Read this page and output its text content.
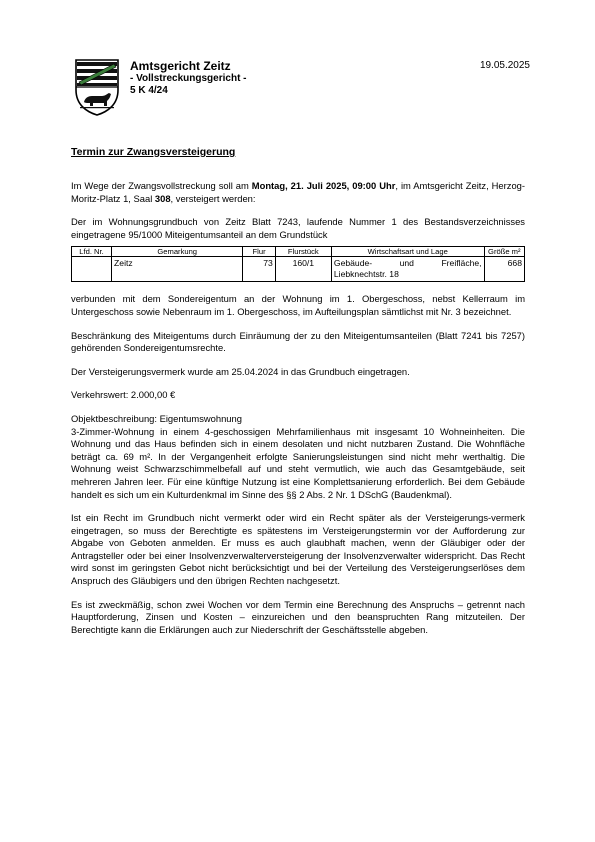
Amtsgericht Zeitz
- Vollstreckungsgericht -
5 K 4/24
19.05.2025
Termin zur Zwangsversteigerung

Im Wege der Zwangsvollstreckung soll am Montag, 21. Juli 2025, 09:00 Uhr, im Amtsgericht Zeitz, Herzog-Moritz-Platz 1, Saal 308, versteigert werden:

Der im Wohnungsgrundbuch von Zeitz Blatt 7243, laufende Nummer 1 des Bestandsverzeichnisses eingetragene 95/1000 Miteigentumsanteil an dem Grundstück

Lfd. Nr.	Gemarkung	Flur	Flurstück	Wirtschaftsart und Lage	Größe m²
	Zeitz	73	160/1	Gebäude- und Freifläche,
Liebknechtstr. 18	668

verbunden mit dem Sondereigentum an der Wohnung im 1. Obergeschoss, nebst Kellerraum im Untergeschoss sowie Nebenraum im 1. Obergeschoss, im Aufteilungsplan sämtlichst mit Nr. 3 bezeichnet.

Beschränkung des Miteigentums durch Einräumung der zu den Miteigentumsanteilen (Blatt 7241 bis 7257) gehörenden Sondereigentumsrechte.

Der Versteigerungsvermerk wurde am 25.04.2024 in das Grundbuch eingetragen.

Verkehrswert: 2.000,00 €

Objektbeschreibung: Eigentumswohnung

3-Zimmer-Wohnung in einem 4-geschossigen Mehrfamilienhaus mit insgesamt 10 Wohneinheiten. Die Wohnung und das Haus befinden sich in einem desolaten und nicht nutzbaren Zustand. Die Wohnfläche beträgt ca. 69 m². In der Vergangenheit erfolgte Sanierungsleistungen sind nicht mehr werthaltig. Die Wohnung weist Schwarzschimmelbefall auf und steht vermutlich, wie auch das Gesamtgebäude, seit mehreren Jahren leer. Für eine künftige Nutzung ist eine Komplettsanierung erforderlich. Bei dem Gebäude handelt es sich um ein Kulturdenkmal im Sinne des §§ 2 Abs. 2 Nr. 1 DSchG (Baudenkmal).

Ist ein Recht im Grundbuch nicht vermerkt oder wird ein Recht später als der Versteigerungs-vermerk eingetragen, so muss der Berechtigte es spätestens im Versteigerungstermin vor der Aufforderung zur Abgabe von Geboten anmelden. Er muss es auch glaubhaft machen, wenn der Gläubiger oder der Antragsteller oder bei einer Insolvenzverwalterversteigerung der Insolvenzverwalter widerspricht. Das Recht wird sonst im geringsten Gebot nicht berücksichtigt und bei der Verteilung des Versteigerungserlöses dem Anspruch des Gläubigers und den übrigen Rechten nachgesetzt.

Es ist zweckmäßig, schon zwei Wochen vor dem Termin eine Berechnung des Anspruchs – getrennt nach Hauptforderung, Zinsen und Kosten – einzureichen und den beanspruchten Rang mitzuteilen. Der Berechtigte kann die Erklärungen auch zur Niederschrift der Geschäftsstelle abgeben.
